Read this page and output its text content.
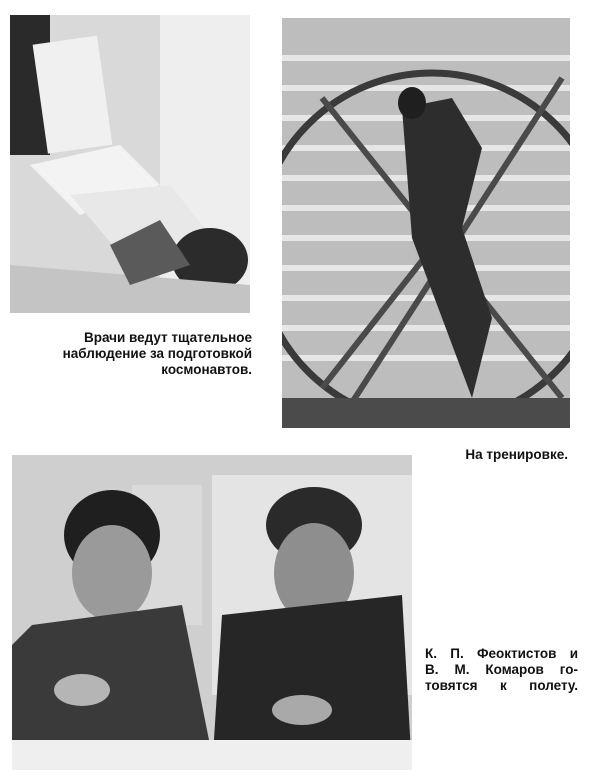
Врачи ведут тщательное
наблюдение за подготовкой
космонавтов.
На тренировке.
К. П. Феоктистов и
В. М. Комаров го-
товятся к полету.
